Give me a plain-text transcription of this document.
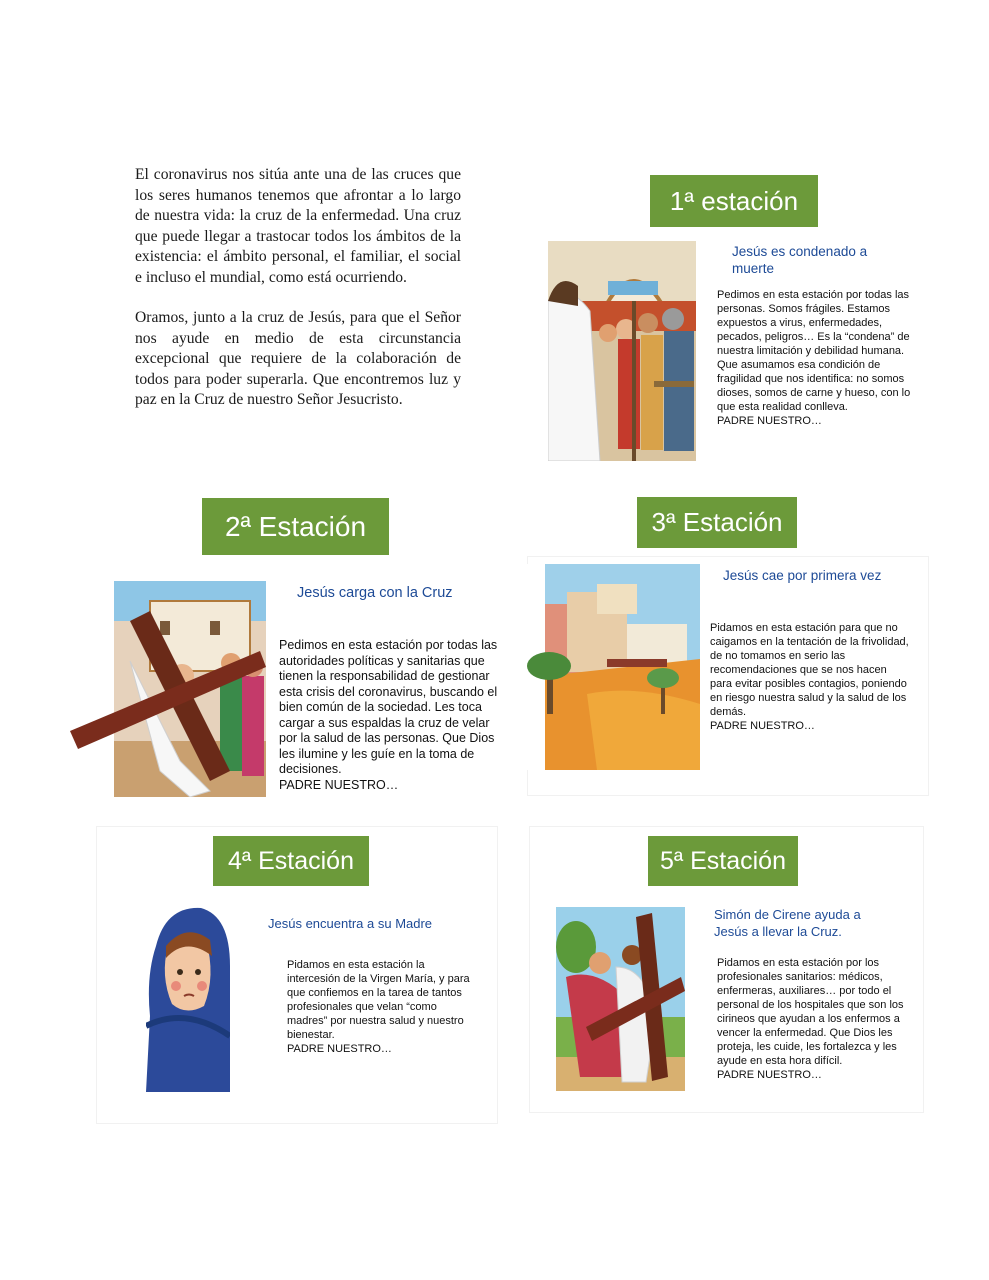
El coronavirus nos sitúa ante una de las cruces que los seres humanos tenemos que afrontar a lo largo de nuestra vida: la cruz de la enfermedad. Una cruz que puede llegar a trastocar todos los ámbitos de la existencia: el ámbito personal, el familiar, el social e incluso el mundial, como está ocurriendo.

Oramos, junto a la cruz de Jesús, para que el Señor nos ayude en medio de esta circunstancia excepcional que requiere de la colaboración de todos para poder superarla. Que encontremos luz y paz en la Cruz de nuestro Señor Jesucristo.

1ª estación
Jesús es condenado a muerte
Pedimos en esta estación por todas las personas. Somos frágiles. Estamos expuestos a virus, enfermedades, pecados, peligros… Es la “condena” de nuestra limitación y debilidad humana. Que asumamos esa condición de fragilidad que nos identifica: no somos dioses, somos de carne y hueso, con lo que esta realidad conlleva.
PADRE NUESTRO…
2ª Estación
Jesús carga con la Cruz
Pedimos en esta estación por todas las autoridades políticas y sanitarias que tienen la responsabilidad de gestionar esta crisis del coronavirus, buscando el bien común de la sociedad. Les toca cargar a sus espaldas la cruz de velar por la salud de las personas. Que Dios les ilumine y les guíe en la toma de decisiones.
PADRE NUESTRO…
3ª Estación
Jesús cae por primera vez
Pidamos en esta estación para que no caigamos en la tentación de la frivolidad, de no tomamos en serio las recomendaciones que se nos hacen para evitar posibles contagios, poniendo en riesgo nuestra salud y la salud de los demás.
PADRE NUESTRO…
4ª Estación
Jesús encuentra a su Madre
Pidamos en esta estación la intercesión de la Virgen María, y para que confiemos en la tarea de tantos profesionales que velan “como madres” por nuestra salud y nuestro bienestar.
PADRE NUESTRO…
5ª Estación
Simón de Cirene ayuda a Jesús a llevar la Cruz.
Pidamos en esta estación por los profesionales sanitarios: médicos, enfermeras, auxiliares… por todo el personal de los hospitales que son los cirineos que ayudan a los enfermos a vencer la enfermedad. Que Dios les proteja, les cuide, les fortalezca y les ayude en esta hora difícil.
PADRE NUESTRO…
